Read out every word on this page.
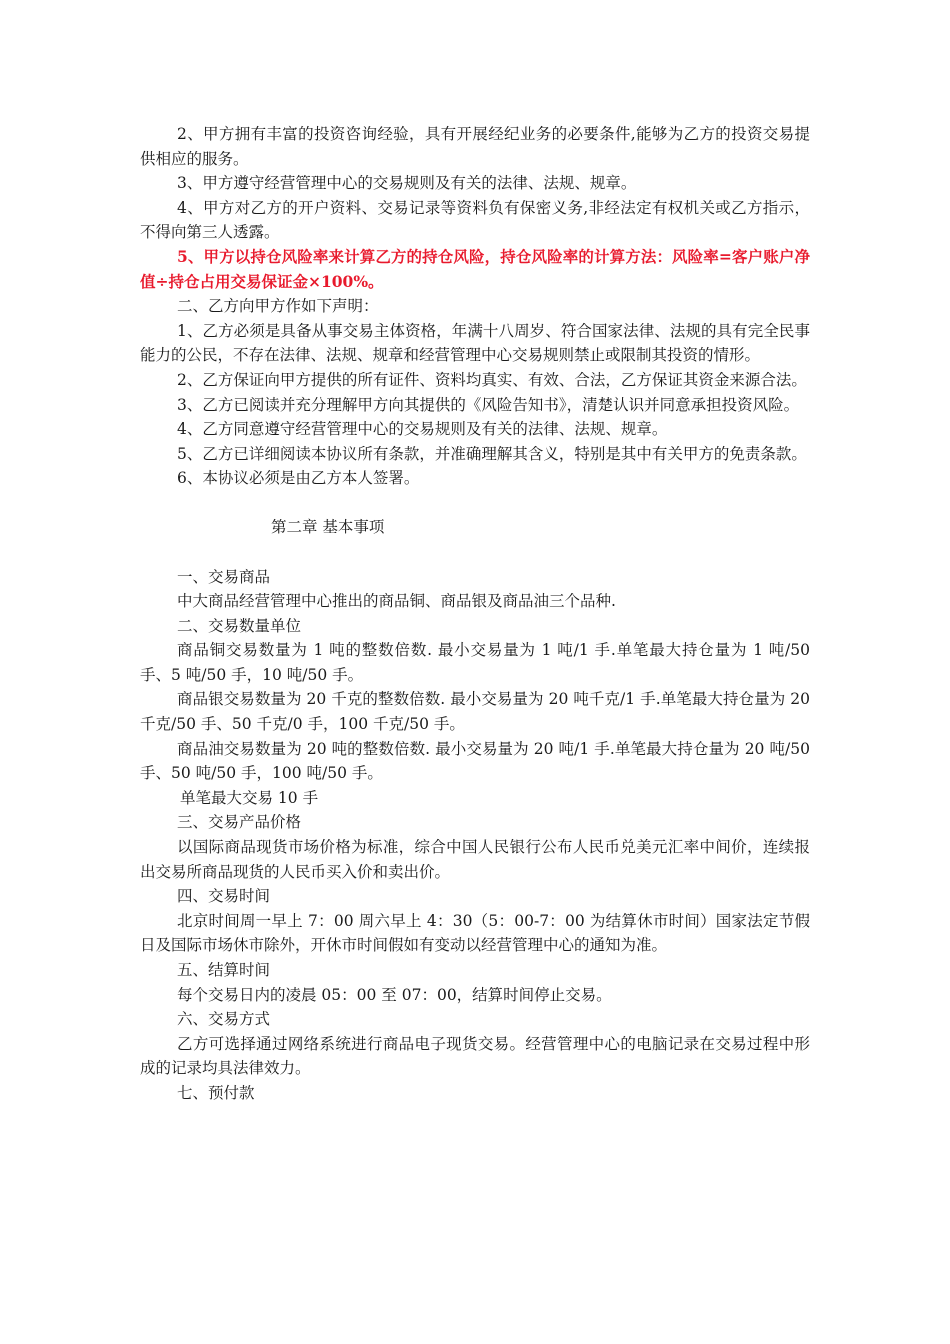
2、甲方拥有丰富的投资咨询经验，具有开展经纪业务的必要条件,能够为乙方的投资交易提供相应的服务。

3、甲方遵守经营管理中心的交易规则及有关的法律、法规、规章。

4、甲方对乙方的开户资料、交易记录等资料负有保密义务,非经法定有权机关或乙方指示，不得向第三人透露。

5、甲方以持仓风险率来计算乙方的持仓风险，持仓风险率的计算方法：风险率=客户账户净值÷持仓占用交易保证金×100%。

二、乙方向甲方作如下声明：

1、乙方必须是具备从事交易主体资格，年满十八周岁、符合国家法律、法规的具有完全民事能力的公民，不存在法律、法规、规章和经营管理中心交易规则禁止或限制其投资的情形。

2、乙方保证向甲方提供的所有证件、资料均真实、有效、合法，乙方保证其资金来源合法。

3、乙方已阅读并充分理解甲方向其提供的《风险告知书》，清楚认识并同意承担投资风险。

4、乙方同意遵守经营管理中心的交易规则及有关的法律、法规、规章。

5、乙方已详细阅读本协议所有条款，并准确理解其含义，特别是其中有关甲方的免责条款。

6、本协议必须是由乙方本人签署。

第二章 基本事项

一、交易商品

中大商品经营管理中心推出的商品铜、商品银及商品油三个品种.

二、交易数量单位

商品铜交易数量为 1 吨的整数倍数. 最小交易量为 1 吨/1 手.单笔最大持仓量为 1 吨/50 手、5 吨/50 手，10 吨/50 手。

商品银交易数量为 20 千克的整数倍数. 最小交易量为 20 吨千克/1 手.单笔最大持仓量为 20 千克/50 手、50 千克/0 手，100 千克/50 手。

商品油交易数量为 20 吨的整数倍数. 最小交易量为 20 吨/1 手.单笔最大持仓量为 20 吨/50 手、50 吨/50 手，100 吨/50 手。

单笔最大交易 10 手

三、交易产品价格

以国际商品现货市场价格为标准，综合中国人民银行公布人民币兑美元汇率中间价，连续报出交易所商品现货的人民币买入价和卖出价。

四、交易时间

北京时间周一早上 7：00 周六早上 4：30（5：00-7：00 为结算休市时间）国家法定节假日及国际市场休市除外，开休市时间假如有变动以经营管理中心的通知为准。

五、结算时间

每个交易日内的凌晨 05：00 至 07：00，结算时间停止交易。

六、交易方式

乙方可选择通过网络系统进行商品电子现货交易。经营管理中心的电脑记录在交易过程中形成的记录均具法律效力。

七、预付款
